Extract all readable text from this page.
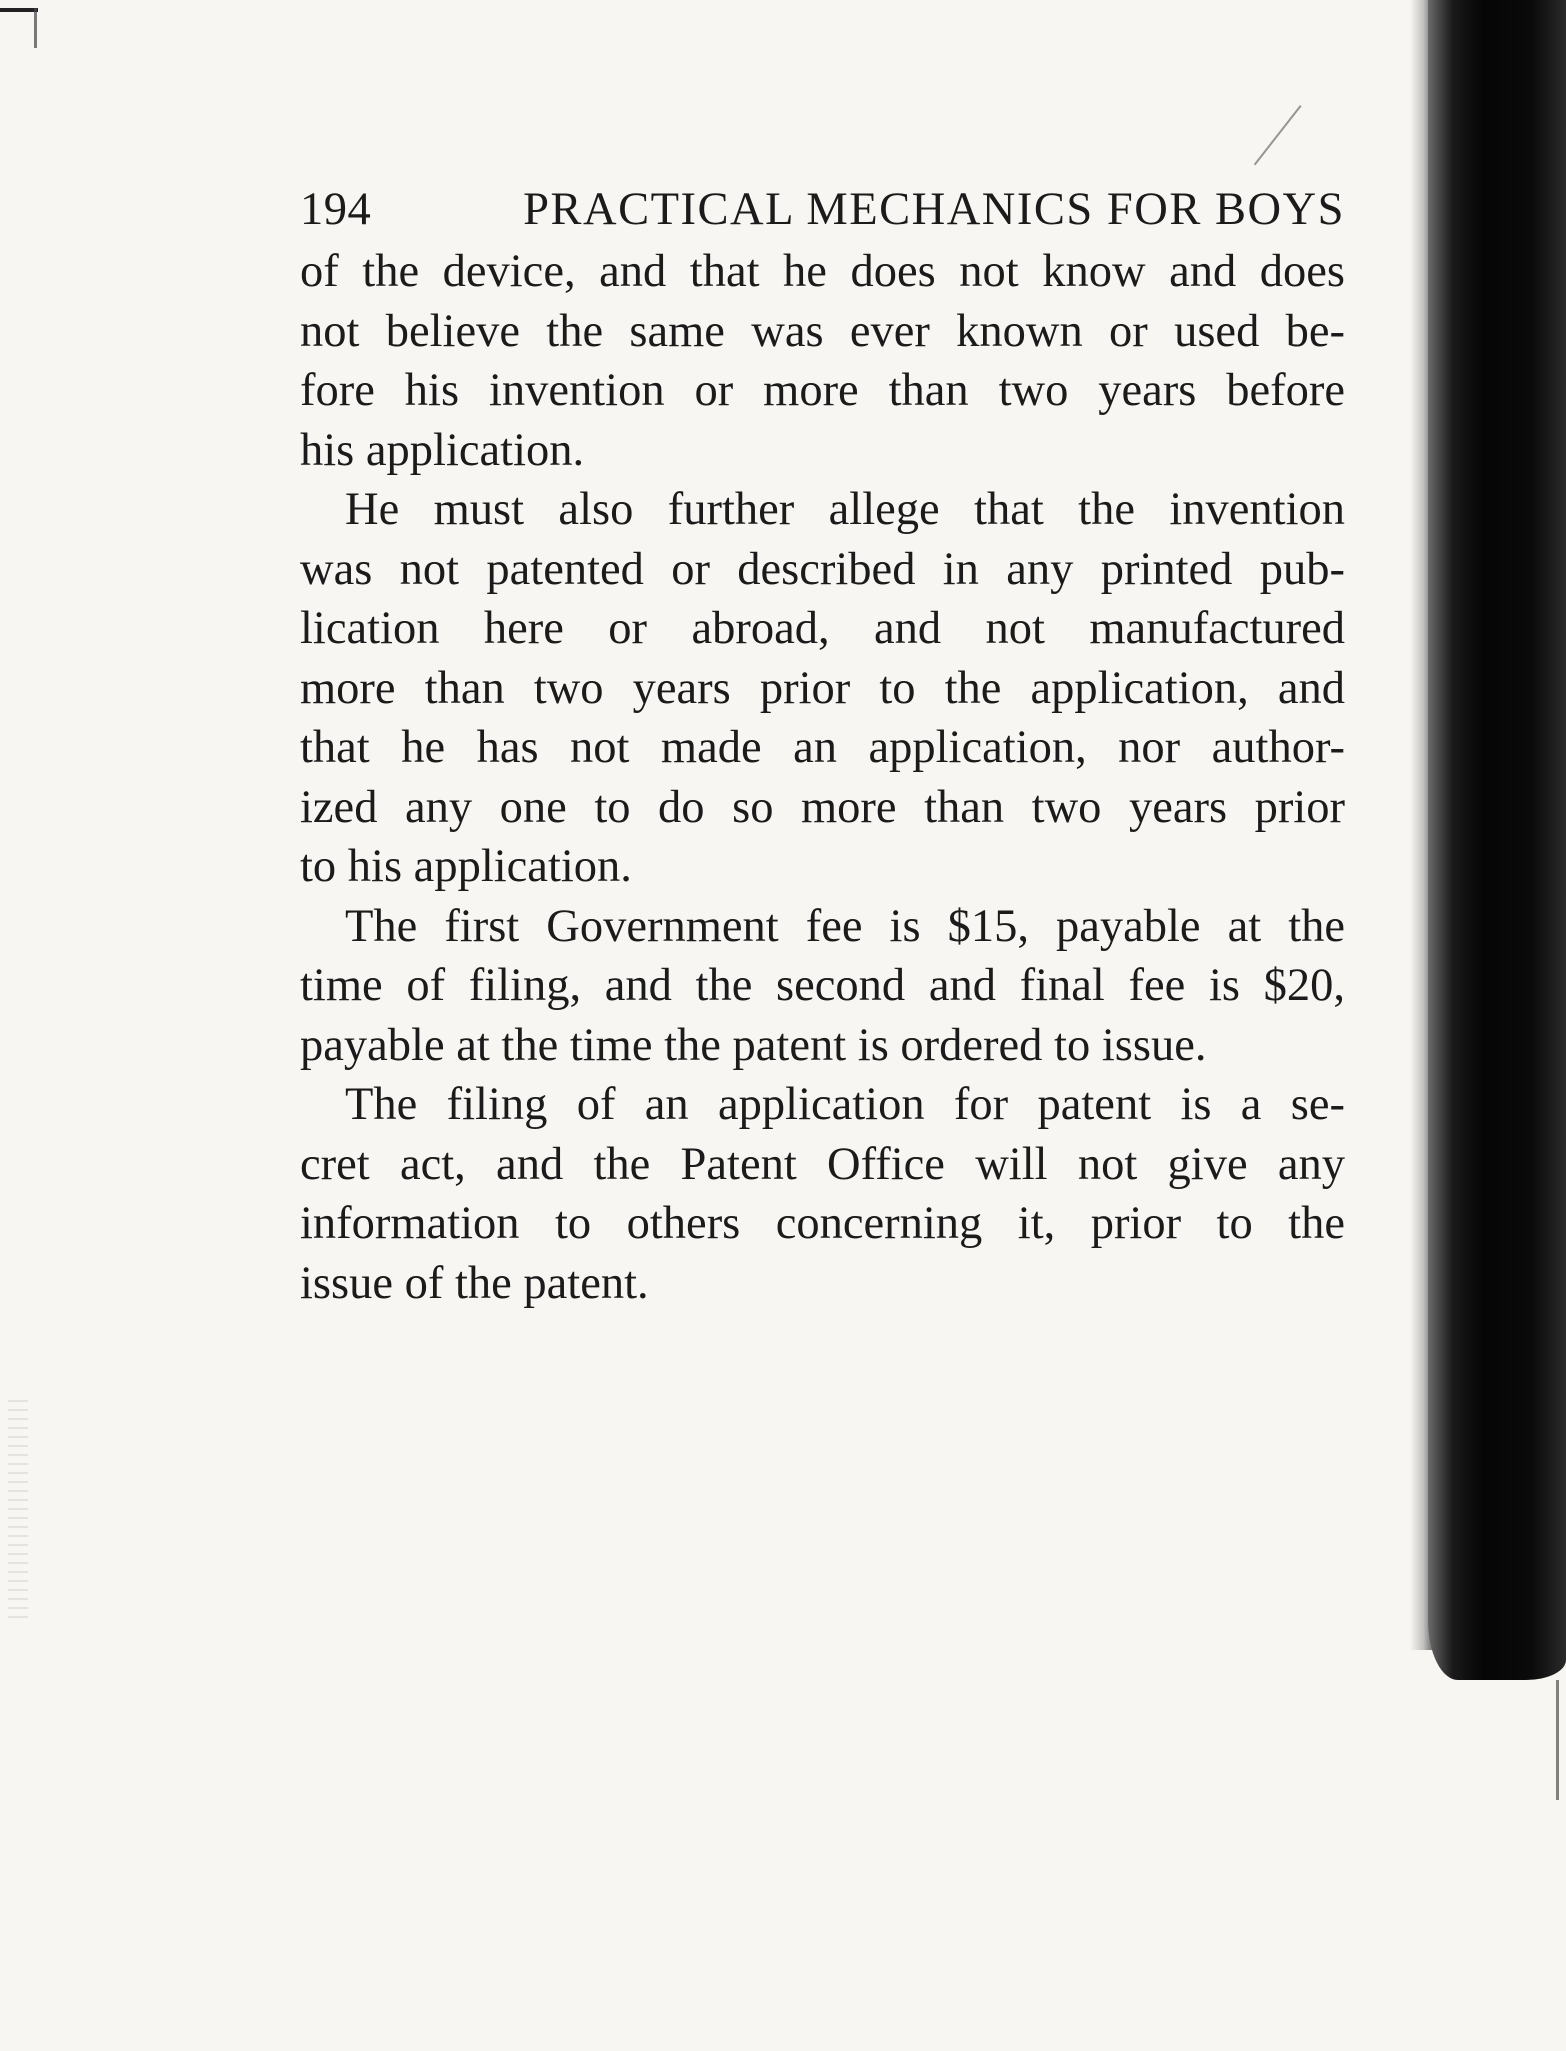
194	PRACTICAL MECHANICS FOR BOYS

of the device, and that he does not know and does
not believe the same was ever known or used be-
fore his invention or more than two years before
his application.

He must also further allege that the invention
was not patented or described in any printed pub-
lication here or abroad, and not manufactured
more than two years prior to the application, and
that he has not made an application, nor author-
ized any one to do so more than two years prior
to his application.

The first Government fee is $15, payable at the
time of filing, and the second and final fee is $20,
payable at the time the patent is ordered to issue.

The filing of an application for patent is a se-
cret act, and the Patent Office will not give any
information to others concerning it, prior to the
issue of the patent.
